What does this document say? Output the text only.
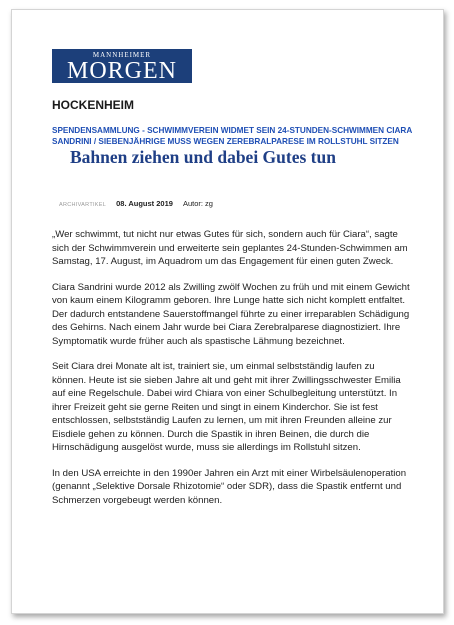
MANNHEIMER
MORGEN
HOCKENHEIM
SPENDENSAMMLUNG - SCHWIMMVEREIN WIDMET SEIN 24-STUNDEN-SCHWIMMEN CIARA SANDRINI / SIEBENJÄHRIGE MUSS WEGEN ZEREBRALPARESE IM ROLLSTUHL SITZEN
Bahnen ziehen und dabei Gutes tun
ARCHIVARTIKEL 08. August 2019 Autor: zg

„Wer schwimmt, tut nicht nur etwas Gutes für sich, sondern auch für Ciara“, sagte sich der Schwimmverein und erweiterte sein geplantes 24-Stunden-Schwimmen am Samstag, 17. August, im Aquadrom um das Engagement für einen guten Zweck.

Ciara Sandrini wurde 2012 als Zwilling zwölf Wochen zu früh und mit einem Gewicht von kaum einem Kilogramm geboren. Ihre Lunge hatte sich nicht komplett entfaltet. Der dadurch entstandene Sauerstoffmangel führte zu einer irreparablen Schädigung des Gehirns. Nach einem Jahr wurde bei Ciara Zerebralparese diagnostiziert. Ihre Symptomatik wurde früher auch als spastische Lähmung bezeichnet.

Seit Ciara drei Monate alt ist, trainiert sie, um einmal selbstständig laufen zu können. Heute ist sie sieben Jahre alt und geht mit ihrer Zwillingsschwester Emilia auf eine Regelschule. Dabei wird Chiara von einer Schulbegleitung unterstützt. In ihrer Freizeit geht sie gerne Reiten und singt in einem Kinderchor. Sie ist fest entschlossen, selbstständig Laufen zu lernen, um mit ihren Freunden alleine zur Eisdiele gehen zu können. Durch die Spastik in ihren Beinen, die durch die Hirnschädigung ausgelöst wurde, muss sie allerdings im Rollstuhl sitzen.

In den USA erreichte in den 1990er Jahren ein Arzt mit einer Wirbelsäulenoperation (genannt „Selektive Dorsale Rhizotomie“ oder SDR), dass die Spastik entfernt und Schmerzen vorgebeugt werden können.
